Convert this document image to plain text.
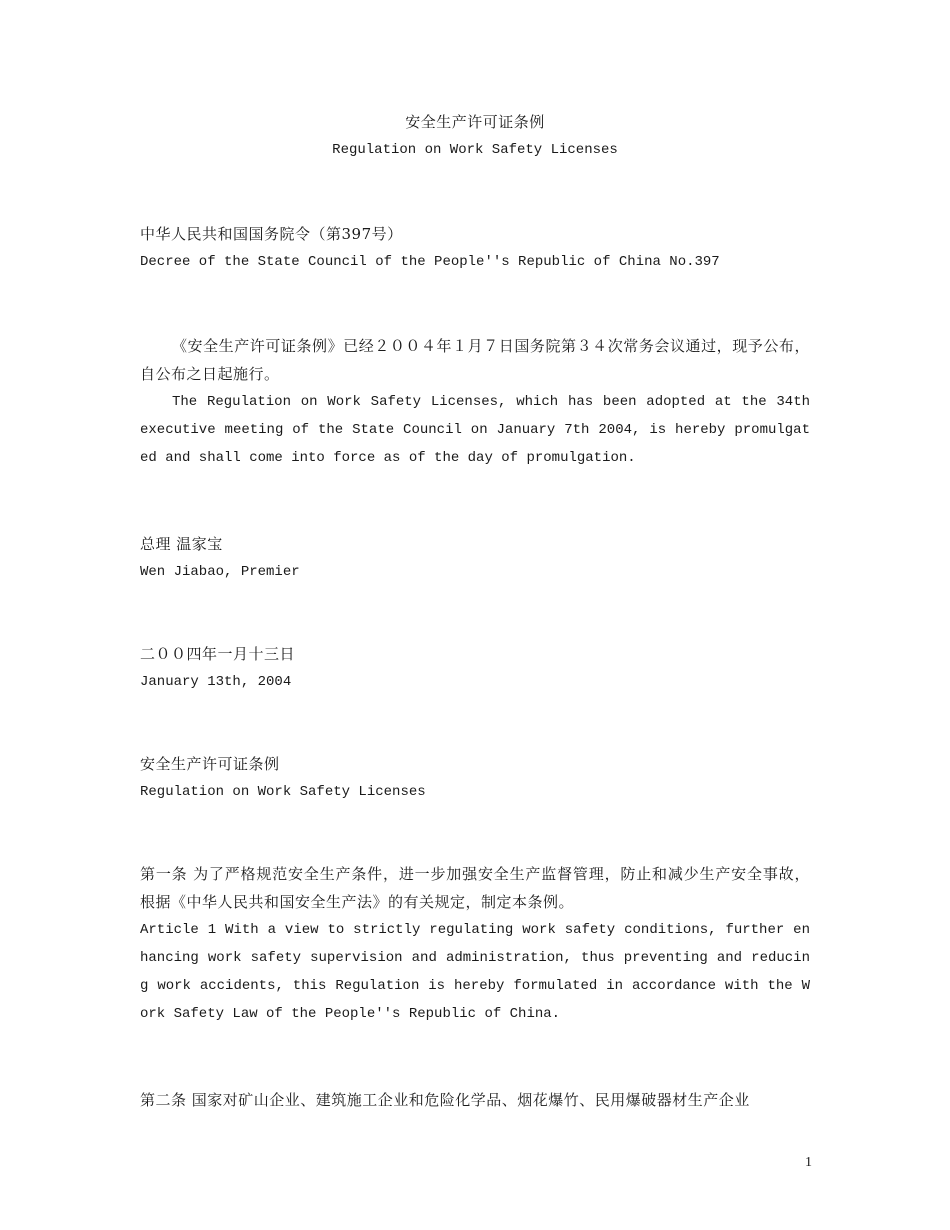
安全生产许可证条例

Regulation on Work Safety Licenses

中华人民共和国国务院令（第397号）

Decree of the State Council of the People''s Republic of China No.397

《安全生产许可证条例》已经２００４年１月７日国务院第３４次常务会议通过，现予公布，自公布之日起施行。

The Regulation on Work Safety Licenses, which has been adopted at the 34th executive meeting of the State Council on January 7th 2004, is hereby promulgated and shall come into force as of the day of promulgation.

总理 温家宝

Wen Jiabao, Premier

二００四年一月十三日

January 13th, 2004

安全生产许可证条例

Regulation on Work Safety Licenses

第一条 为了严格规范安全生产条件，进一步加强安全生产监督管理，防止和减少生产安全事故，根据《中华人民共和国安全生产法》的有关规定，制定本条例。

Article 1 With a view to strictly regulating work safety conditions, further enhancing work safety supervision and administration, thus preventing and reducing work accidents, this Regulation is hereby formulated in accordance with the Work Safety Law of the People''s Republic of China.

第二条 国家对矿山企业、建筑施工企业和危险化学品、烟花爆竹、民用爆破器材生产企业

1
